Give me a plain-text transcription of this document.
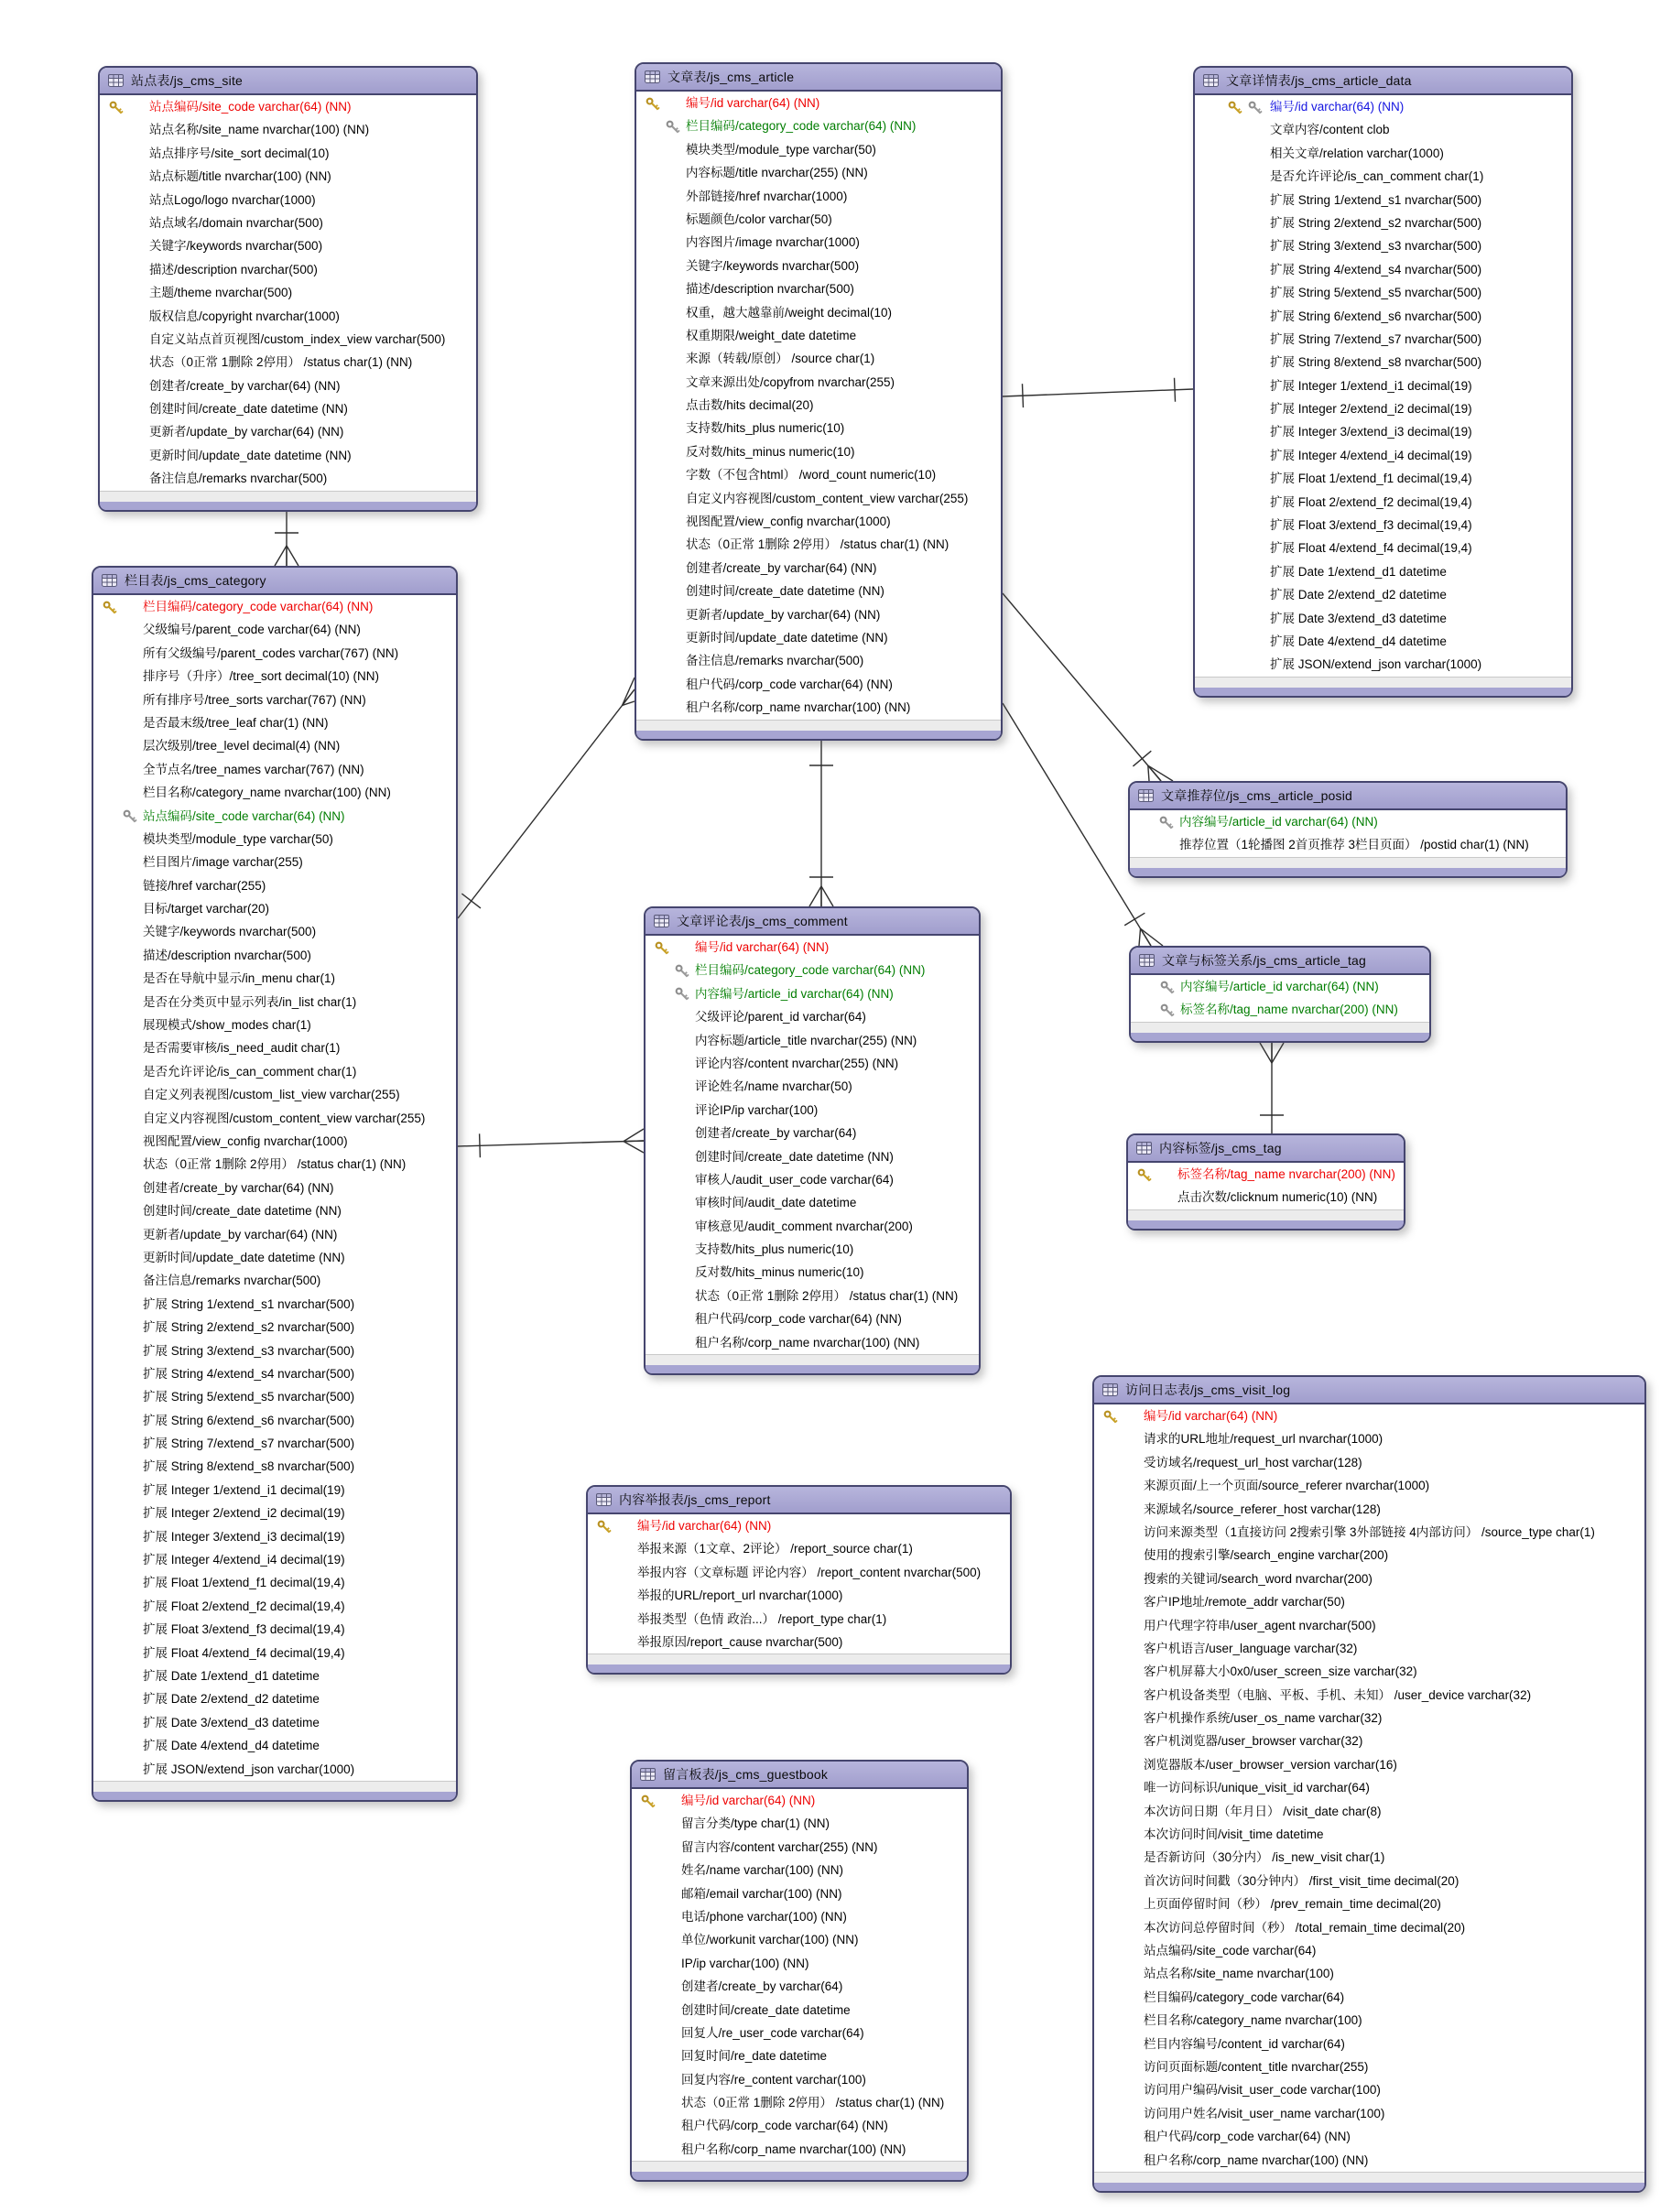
站点表/js_cms_site
站点编码/site_code varchar(64) (NN)
站点名称/site_name nvarchar(100) (NN)
站点排序号/site_sort decimal(10)
站点标题/title nvarchar(100) (NN)
站点Logo/logo nvarchar(1000)
站点域名/domain nvarchar(500)
关键字/keywords nvarchar(500)
描述/description nvarchar(500)
主题/theme nvarchar(500)
版权信息/copyright nvarchar(1000)
自定义站点首页视图/custom_index_view varchar(500)
状态（0正常 1删除 2停用） /status char(1) (NN)
创建者/create_by varchar(64) (NN)
创建时间/create_date datetime (NN)
更新者/update_by varchar(64) (NN)
更新时间/update_date datetime (NN)
备注信息/remarks nvarchar(500)
栏目表/js_cms_category
栏目编码/category_code varchar(64) (NN)
父级编号/parent_code varchar(64) (NN)
所有父级编号/parent_codes varchar(767) (NN)
排序号（升序）/tree_sort decimal(10) (NN)
所有排序号/tree_sorts varchar(767) (NN)
是否最末级/tree_leaf char(1) (NN)
层次级别/tree_level decimal(4) (NN)
全节点名/tree_names varchar(767) (NN)
栏目名称/category_name nvarchar(100) (NN)
站点编码/site_code varchar(64) (NN)
模块类型/module_type varchar(50)
栏目图片/image varchar(255)
链接/href varchar(255)
目标/target varchar(20)
关键字/keywords nvarchar(500)
描述/description nvarchar(500)
是否在导航中显示/in_menu char(1)
是否在分类页中显示列表/in_list char(1)
展现模式/show_modes char(1)
是否需要审核/is_need_audit char(1)
是否允许评论/is_can_comment char(1)
自定义列表视图/custom_list_view varchar(255)
自定义内容视图/custom_content_view varchar(255)
视图配置/view_config nvarchar(1000)
状态（0正常 1删除 2停用） /status char(1) (NN)
创建者/create_by varchar(64) (NN)
创建时间/create_date datetime (NN)
更新者/update_by varchar(64) (NN)
更新时间/update_date datetime (NN)
备注信息/remarks nvarchar(500)
扩展 String 1/extend_s1 nvarchar(500)
扩展 String 2/extend_s2 nvarchar(500)
扩展 String 3/extend_s3 nvarchar(500)
扩展 String 4/extend_s4 nvarchar(500)
扩展 String 5/extend_s5 nvarchar(500)
扩展 String 6/extend_s6 nvarchar(500)
扩展 String 7/extend_s7 nvarchar(500)
扩展 String 8/extend_s8 nvarchar(500)
扩展 Integer 1/extend_i1 decimal(19)
扩展 Integer 2/extend_i2 decimal(19)
扩展 Integer 3/extend_i3 decimal(19)
扩展 Integer 4/extend_i4 decimal(19)
扩展 Float 1/extend_f1 decimal(19,4)
扩展 Float 2/extend_f2 decimal(19,4)
扩展 Float 3/extend_f3 decimal(19,4)
扩展 Float 4/extend_f4 decimal(19,4)
扩展 Date 1/extend_d1 datetime
扩展 Date 2/extend_d2 datetime
扩展 Date 3/extend_d3 datetime
扩展 Date 4/extend_d4 datetime
扩展 JSON/extend_json varchar(1000)
文章表/js_cms_article
编号/id varchar(64) (NN)
栏目编码/category_code varchar(64) (NN)
模块类型/module_type varchar(50)
内容标题/title nvarchar(255) (NN)
外部链接/href nvarchar(1000)
标题颜色/color varchar(50)
内容图片/image nvarchar(1000)
关键字/keywords nvarchar(500)
描述/description nvarchar(500)
权重，越大越靠前/weight decimal(10)
权重期限/weight_date datetime
来源（转载/原创） /source char(1)
文章来源出处/copyfrom nvarchar(255)
点击数/hits decimal(20)
支持数/hits_plus numeric(10)
反对数/hits_minus numeric(10)
字数（不包含html） /word_count numeric(10)
自定义内容视图/custom_content_view varchar(255)
视图配置/view_config nvarchar(1000)
状态（0正常 1删除 2停用） /status char(1) (NN)
创建者/create_by varchar(64) (NN)
创建时间/create_date datetime (NN)
更新者/update_by varchar(64) (NN)
更新时间/update_date datetime (NN)
备注信息/remarks nvarchar(500)
租户代码/corp_code varchar(64) (NN)
租户名称/corp_name nvarchar(100) (NN)
文章详情表/js_cms_article_data
编号/id varchar(64) (NN)
文章内容/content clob
相关文章/relation varchar(1000)
是否允许评论/is_can_comment char(1)
扩展 String 1/extend_s1 nvarchar(500)
扩展 String 2/extend_s2 nvarchar(500)
扩展 String 3/extend_s3 nvarchar(500)
扩展 String 4/extend_s4 nvarchar(500)
扩展 String 5/extend_s5 nvarchar(500)
扩展 String 6/extend_s6 nvarchar(500)
扩展 String 7/extend_s7 nvarchar(500)
扩展 String 8/extend_s8 nvarchar(500)
扩展 Integer 1/extend_i1 decimal(19)
扩展 Integer 2/extend_i2 decimal(19)
扩展 Integer 3/extend_i3 decimal(19)
扩展 Integer 4/extend_i4 decimal(19)
扩展 Float 1/extend_f1 decimal(19,4)
扩展 Float 2/extend_f2 decimal(19,4)
扩展 Float 3/extend_f3 decimal(19,4)
扩展 Float 4/extend_f4 decimal(19,4)
扩展 Date 1/extend_d1 datetime
扩展 Date 2/extend_d2 datetime
扩展 Date 3/extend_d3 datetime
扩展 Date 4/extend_d4 datetime
扩展 JSON/extend_json varchar(1000)
文章推荐位/js_cms_article_posid
内容编号/article_id varchar(64) (NN)
推荐位置（1轮播图 2首页推荐 3栏目页面） /postid char(1) (NN)
文章与标签关系/js_cms_article_tag
内容编号/article_id varchar(64) (NN)
标签名称/tag_name nvarchar(200) (NN)
内容标签/js_cms_tag
标签名称/tag_name nvarchar(200) (NN)
点击次数/clicknum numeric(10) (NN)
文章评论表/js_cms_comment
编号/id varchar(64) (NN)
栏目编码/category_code varchar(64) (NN)
内容编号/article_id varchar(64) (NN)
父级评论/parent_id varchar(64)
内容标题/article_title nvarchar(255) (NN)
评论内容/content nvarchar(255) (NN)
评论姓名/name nvarchar(50)
评论IP/ip varchar(100)
创建者/create_by varchar(64)
创建时间/create_date datetime (NN)
审核人/audit_user_code varchar(64)
审核时间/audit_date datetime
审核意见/audit_comment nvarchar(200)
支持数/hits_plus numeric(10)
反对数/hits_minus numeric(10)
状态（0正常 1删除 2停用） /status char(1) (NN)
租户代码/corp_code varchar(64) (NN)
租户名称/corp_name nvarchar(100) (NN)
内容举报表/js_cms_report
编号/id varchar(64) (NN)
举报来源（1文章、2评论） /report_source char(1)
举报内容（文章标题 评论内容） /report_content nvarchar(500)
举报的URL/report_url nvarchar(1000)
举报类型（色情 政治...） /report_type char(1)
举报原因/report_cause nvarchar(500)
留言板表/js_cms_guestbook
编号/id varchar(64) (NN)
留言分类/type char(1) (NN)
留言内容/content varchar(255) (NN)
姓名/name varchar(100) (NN)
邮箱/email varchar(100) (NN)
电话/phone varchar(100) (NN)
单位/workunit varchar(100) (NN)
IP/ip varchar(100) (NN)
创建者/create_by varchar(64)
创建时间/create_date datetime
回复人/re_user_code varchar(64)
回复时间/re_date datetime
回复内容/re_content varchar(100)
状态（0正常 1删除 2停用） /status char(1) (NN)
租户代码/corp_code varchar(64) (NN)
租户名称/corp_name nvarchar(100) (NN)
访问日志表/js_cms_visit_log
编号/id varchar(64) (NN)
请求的URL地址/request_url nvarchar(1000)
受访域名/request_url_host varchar(128)
来源页面/上一个页面/source_referer nvarchar(1000)
来源域名/source_referer_host varchar(128)
访问来源类型（1直接访问 2搜索引擎 3外部链接 4内部访问） /source_type char(1)
使用的搜索引擎/search_engine varchar(200)
搜索的关键词/search_word nvarchar(200)
客户IP地址/remote_addr varchar(50)
用户代理字符串/user_agent nvarchar(500)
客户机语言/user_language varchar(32)
客户机屏幕大小0x0/user_screen_size varchar(32)
客户机设备类型（电脑、平板、手机、未知） /user_device varchar(32)
客户机操作系统/user_os_name varchar(32)
客户机浏览器/user_browser varchar(32)
浏览器版本/user_browser_version varchar(16)
唯一访问标识/unique_visit_id varchar(64)
本次访问日期（年月日） /visit_date char(8)
本次访问时间/visit_time datetime
是否新访问（30分内） /is_new_visit char(1)
首次访问时间戳（30分钟内） /first_visit_time decimal(20)
上页面停留时间（秒） /prev_remain_time decimal(20)
本次访问总停留时间（秒） /total_remain_time decimal(20)
站点编码/site_code varchar(64)
站点名称/site_name nvarchar(100)
栏目编码/category_code varchar(64)
栏目名称/category_name nvarchar(100)
栏目内容编号/content_id varchar(64)
访问页面标题/content_title nvarchar(255)
访问用户编码/visit_user_code varchar(100)
访问用户姓名/visit_user_name varchar(100)
租户代码/corp_code varchar(64) (NN)
租户名称/corp_name nvarchar(100) (NN)
